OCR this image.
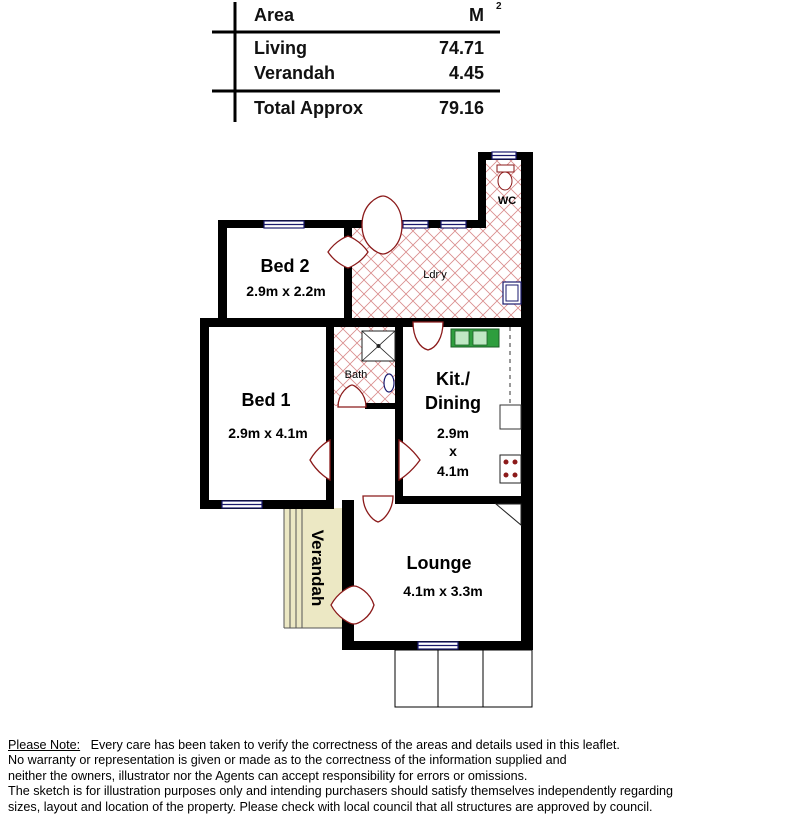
Area	M 2
Living	74.71
Verandah	4.45
Total Approx	79.16
WC
Ldr'y
Bed 2
2.9m x 2.2m
Bath
Bed 1
2.9m x 4.1m
Kit./
Dining
2.9m
x
4.1m
Verandah	Lounge
4.1m x 3.3m
Please Note: Every care has been taken to verify the correctness of the areas and details used in this leaflet.
No warranty or representation is given or made as to the correctness of the information supplied and
neither the owners, illustrator nor the Agents can accept responsibility for errors or omissions.
The sketch is for illustration purposes only and intending purchasers should satisfy themselves independently regarding
sizes, layout and location of the property. Please check with local council that all structures are approved by council.
